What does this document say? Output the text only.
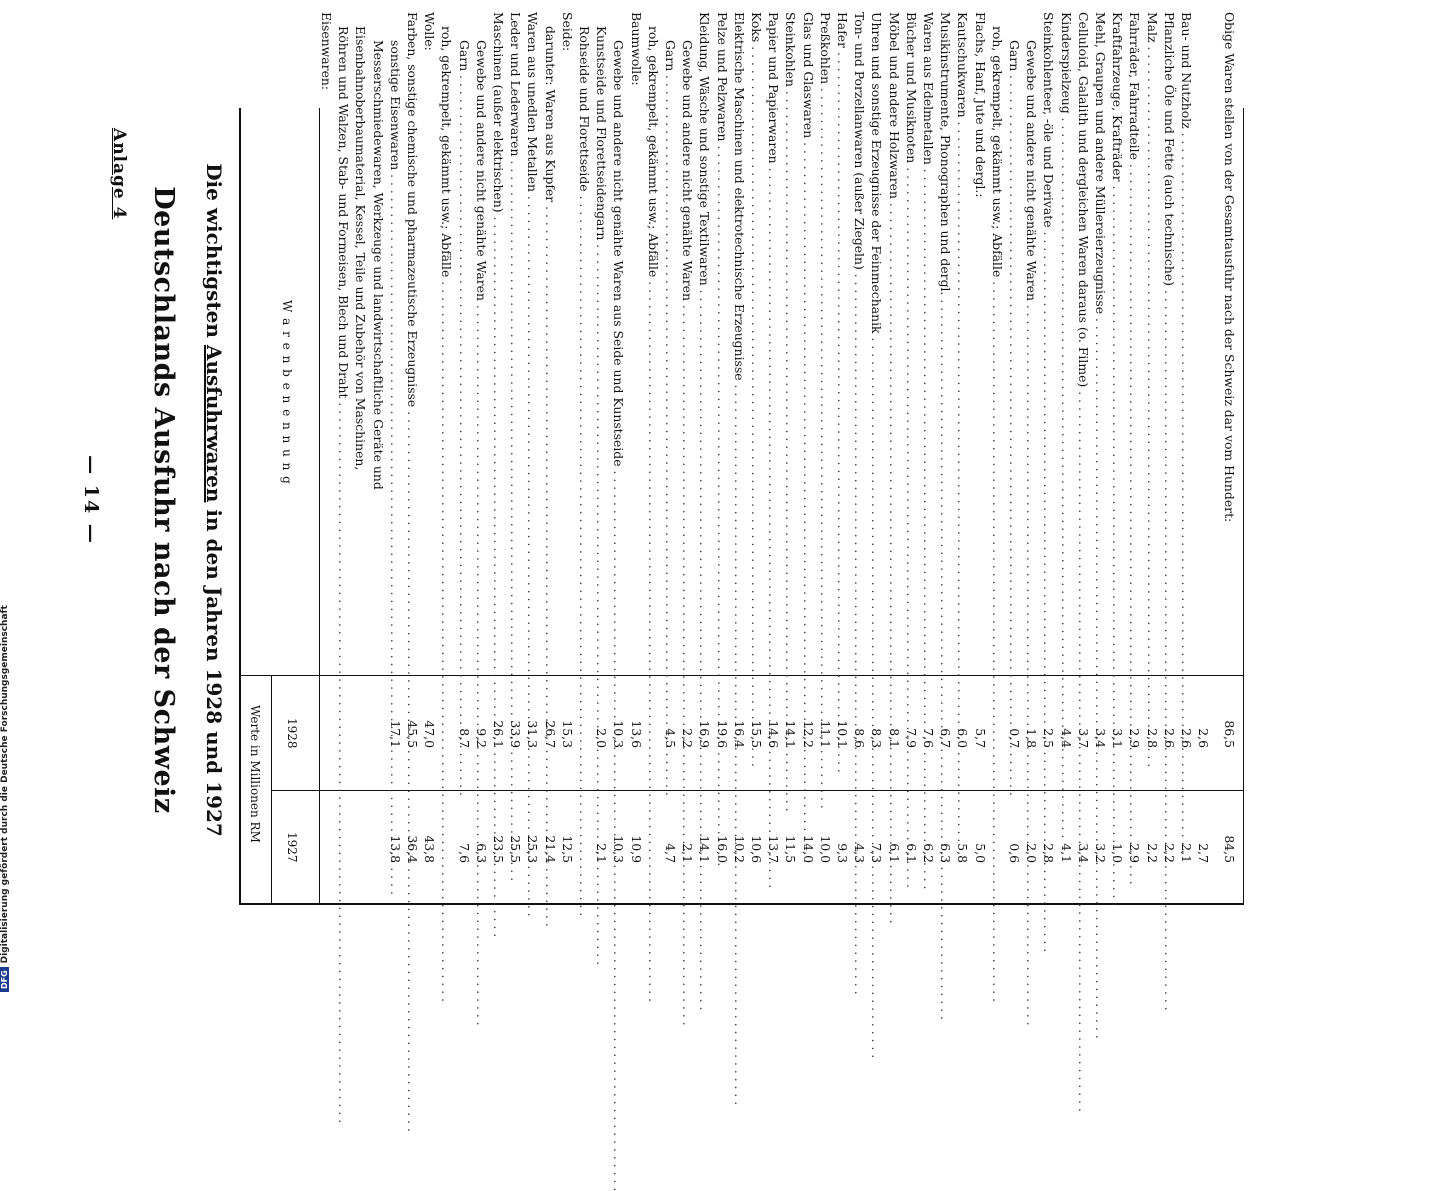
Anlage 4
— 14 — Deutschlands Ausfuhr nach der Schweiz Die wichtigsten Ausfuhrwaren in den Jahren 1928 und 1927
W a r e n b e n e n n u n g
Werte in Millionen RM 1928
1927
Eisenwaren: Röhren und Walzen, Stab- und Formeisen, Blech und Draht . . . Eisenbahnoberbaumaterial, Kessel, Teile und Zubehör von Maschinen, Messerschmiedewaren, Werkzeuge und landwirtschaftliche Geräte und sonstige Eisenwaren . . .
17,1
13,8
Farben, sonstige chemische und pharmazeutische Erzeugnisse . . .
45,5
36,4
Wolle:
47,0
43,8
roh, gekrempelt, gekämmt usw.; Abfälle . . . Garn . . .
8,7
7,6
Gewebe und andere nicht genähte Waren . . .
9,2
6,3
Maschinen (außer elektrischen) . . .
26,1
23,5
Leder und Lederwaren . . .
33,9
25,5
Waren aus unedlen Metallen . . .
31,3
25,3
darunter: Waren aus Kupfer . . .
26,7
21,4
Seide:
15,3
12,5
Rohseide und Florettseide . . . Kunstseide und Florettseidengarn . . .
2,0
2,1
Gewebe und andere nicht genähte Waren aus Seide und Kunstseide . . .
10,3
10,3
Baumwolle:
13,6
10,9
roh, gekrempelt, gekämmt usw.; Abfälle . . . Garn . . .
4,5
4,7
Gewebe und andere nicht genähte Waren . . .
2,2
2,1
Kleidung, Wäsche und sonstige Textilwaren . . .
16,9
14,1
Pelze und Pelzwaren . . .
19,6
16,0
Elektrische Maschinen und elektrotechnische Erzeugnisse . . .
16,4
10,2
Koks . . .
15,5
10,6
Papier und Papierwaren . . .
14,6
13,7
Steinkohlen . . .
14,1
11,5
Glas und Glaswaren . . .
12,2
14,0
Preßkohlen . . .
11,1
10,0
Hafer . . .
10,1
9,3
Ton- und Porzellanwaren (außer Ziegeln) . . .
8,6
4,3
Uhren und sonstige Erzeugnisse der Feinmechanik . . .
8,3
7,3
Möbel und andere Holzwaren . . .
8,1
6,1
Bücher und Musiknoten . . .
7,9
6,1
Waren aus Edelmetallen . . .
7,6
6,2
Musikinstrumente, Phonographen und dergl. . . .
6,7
6,3
Kautschukwaren . . .
6,0
5,8
Flachs, Hanf, Jute und dergl.:
5,7
5,0
roh, gekrempelt, gekämmt usw.; Abfälle . . . Garn . . .
0,7
0,6
Gewebe und andere nicht genähte Waren . . .
1,8
2,0
Steinkohlenteer, -öle und Derivate . . .
2,5
2,8
Kinderspielzeug . . .
4,4
4,1
Celluloid, Galalith und dergleichen Waren daraus (o. Filme) . . .
3,7
3,4
Mehl, Graupen und andere Müllereierzeugnisse . . .
3,4
3,2
Kraftfahrzeuge, Krafträder . . .
3,1
1,0
Fahrräder, Fahrradteile . . .
2,9
2,9
Malz . . .
2,8
2,2
Pflanzliche Öle und Fette (auch technische) . . .
2,6
2,2
Bau- und Nutzholz . . .
2,6
2,1
2,6
2,7
Obige Waren stellen von der Gesamtausfuhr nach der Schweiz dar vom Hundert:
86,5
84,5
DFGDigitalisierung gefördert durch die Deutsche Forschungsgemeinschaft
